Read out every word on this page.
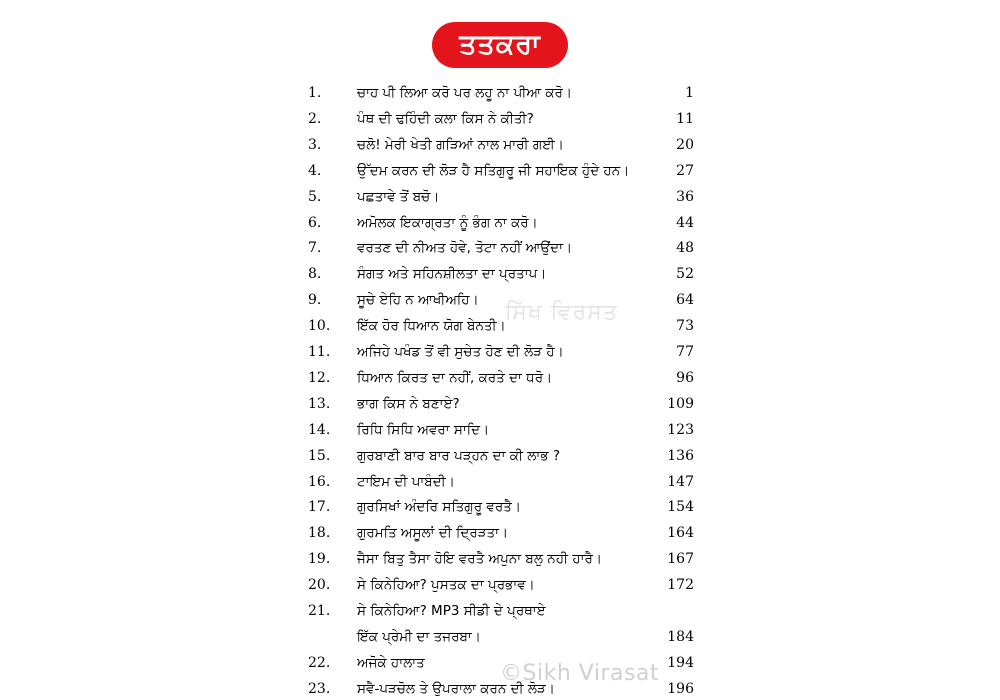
ਤਤਕਰਾ
ਸਿੱਖ ਵਿਰਸਤ
1.	ਚਾਹ ਪੀ ਲਿਆ ਕਰੋ ਪਰ ਲਹੂ ਨਾ ਪੀਆ ਕਰੋ।	1
2.	ਪੰਥ ਦੀ ਢਹਿੰਦੀ ਕਲਾ ਕਿਸ ਨੇ ਕੀਤੀ?	11
3.	ਚਲੋ! ਮੇਰੀ ਖੇਤੀ ਗੜਿਆਂ ਨਾਲ ਮਾਰੀ ਗਈ।	20
4.	ਉੱਦਮ ਕਰਨ ਦੀ ਲੋੜ ਹੈ ਸਤਿਗੁਰੂ ਜੀ ਸਹਾਇਕ ਹੁੰਦੇ ਹਨ।	27
5.	ਪਛਤਾਵੇ ਤੋਂ ਬਚੋ।	36
6.	ਅਮੋਲਕ ਇਕਾਗ੍ਰਤਾ ਨੂੰ ਭੰਗ ਨਾ ਕਰੋ।	44
7.	ਵਰਤਣ ਦੀ ਨੀਅਤ ਹੋਵੇ, ਤੋਟਾ ਨਹੀਂ ਆਉਂਦਾ।	48
8.	ਸੰਗਤ ਅਤੇ ਸਹਿਨਸ਼ੀਲਤਾ ਦਾ ਪ੍ਰਤਾਪ।	52
9.	ਸੂਚੇ ਏਹਿ ਨ ਆਖੀਅਹਿ।	64
10.	ਇੱਕ ਹੋਰ ਧਿਆਨ ਯੋਗ ਬੇਨਤੀ।	73
11.	ਅਜਿਹੇ ਪਖੰਡ ਤੋਂ ਵੀ ਸੁਚੇਤ ਹੋਣ ਦੀ ਲੋੜ ਹੈ।	77
12.	ਧਿਆਨ ਕਿਰਤ ਦਾ ਨਹੀਂ, ਕਰਤੇ ਦਾ ਧਰੋ।	96
13.	ਭਾਗ ਕਿਸ ਨੇ ਬਣਾਏ?	109
14.	ਰਿਧਿ ਸਿਧਿ ਅਵਰਾ ਸਾਦਿ।	123
15.	ਗੁਰਬਾਣੀ ਬਾਰ ਬਾਰ ਪੜ੍ਹਨ ਦਾ ਕੀ ਲਾਭ ?	136
16.	ਟਾਇਮ ਦੀ ਪਾਬੰਦੀ।	147
17.	ਗੁਰਸਿਖਾਂ ਅੰਦਰਿ ਸਤਿਗੁਰੂ ਵਰਤੈ।	154
18.	ਗੁਰਮਤਿ ਅਸੂਲਾਂ ਦੀ ਦ੍ਰਿੜਤਾ।	164
19.	ਜੈਸਾ ਬਿਤੁ ਤੈਸਾ ਹੋਇ ਵਰਤੈ ਅਪੁਨਾ ਬਲੁ ਨਹੀ ਹਾਰੈ।	167
20.	ਸੇ ਕਿਨੇਹਿਆ? ਪੁਸਤਕ ਦਾ ਪ੍ਰਭਾਵ।	172
21.	ਸੇ ਕਿਨੇਹਿਆ? MP3 ਸੀਡੀ ਦੇ ਪ੍ਰਥਾਏ
ਇੱਕ ਪ੍ਰੇਮੀ ਦਾ ਤਜਰਬਾ।	184
22.	ਅਜੋਕੇ ਹਾਲਾਤ	194
23.	ਸਵੈ-ਪੜਚੋਲ ਤੇ ਉਪਰਾਲਾ ਕਰਨ ਦੀ ਲੋੜ।	196
©Sikh Virasat
